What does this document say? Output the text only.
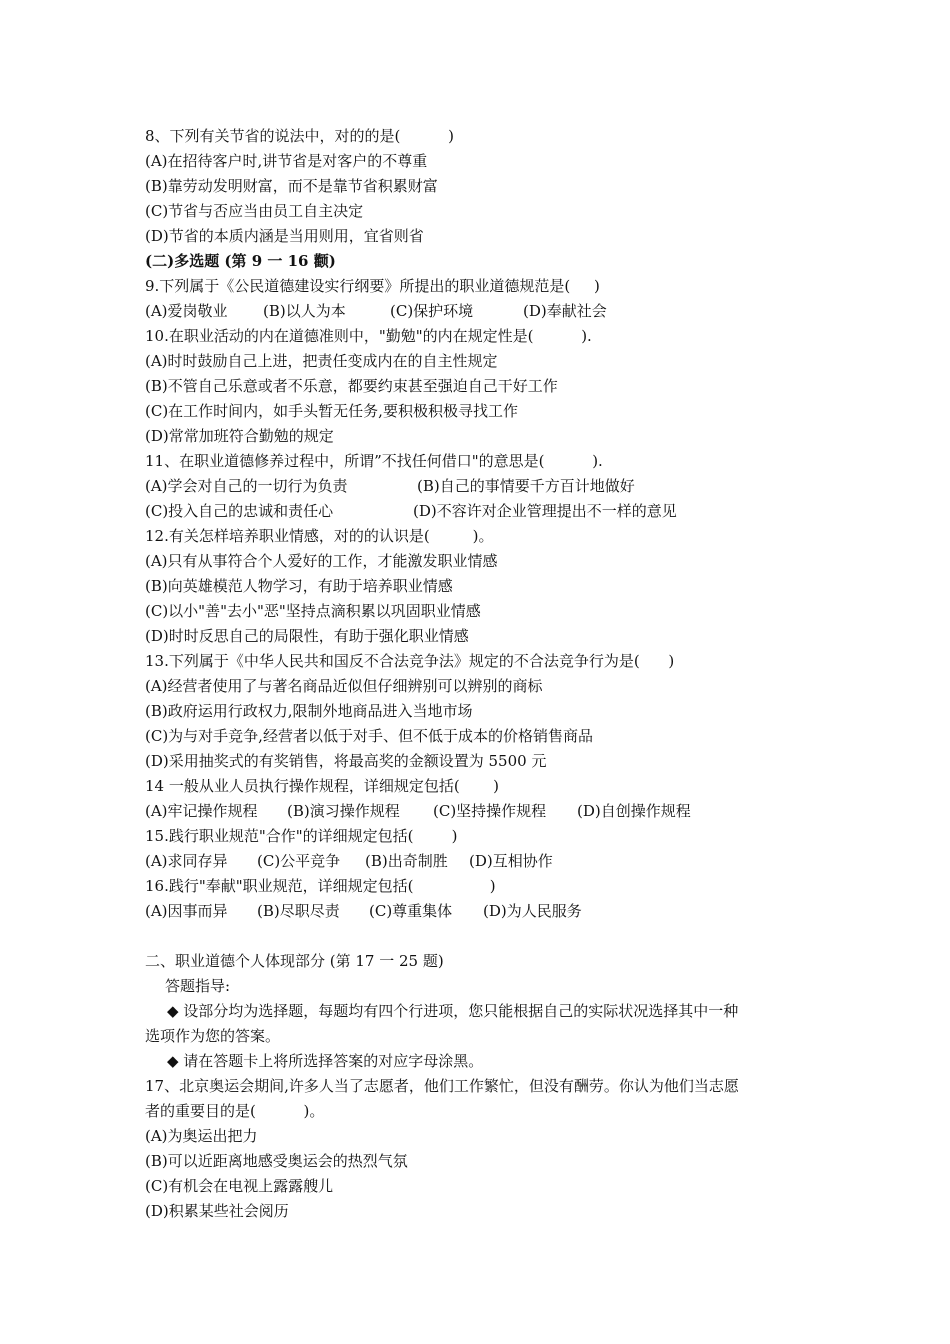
8、下列有关节省的说法中，对的的是(          )
(A)在招待客户时,讲节省是对客户的不尊重
(B)靠劳动发明财富，而不是靠节省积累财富
(C)节省与否应当由员工自主决定
(D)节省的本质内涵是当用则用，宜省则省
(二)多选题 (第 9 一 16 颧)
9.下列属于《公民道德建设实行纲要》所提出的职业道德规范是(     )
(A)爱岗敬业	(B)以人为本	(C)保护环境	(D)奉献社会
10.在职业活动的内在道德准则中，"勤勉"的内在规定性是(          ).
(A)时时鼓励自己上进，把责任变成内在的自主性规定
(B)不管自己乐意或者不乐意，都要约束甚至强迫自己干好工作
(C)在工作时间内，如手头暂无任务,要积极积极寻找工作
(D)常常加班符合勤勉的规定
11、在职业道德修养过程中，所谓”不找任何借口"的意思是(          ).
(A)学会对自己的一切行为负责	(B)自己的事情要千方百计地做好
(C)投入自己的忠诚和责任心	(D)不容许对企业管理提出不一样的意见
12.有关怎样培养职业情感，对的的认识是(         )。
(A)只有从事符合个人爱好的工作，才能激发职业情感
(B)向英雄模范人物学习，有助于培养职业情感
(C)以小"善"去小"恶"坚持点滴积累以巩固职业情感
(D)时时反思自己的局限性，有助于强化职业情感
13.下列属于《中华人民共和国反不合法竞争法》规定的不合法竞争行为是(      )
(A)经营者使用了与著名商品近似但仔细辨别可以辨别的商标
(B)政府运用行政权力,限制外地商品进入当地市场
(C)为与对手竞争,经营者以低于对手、但不低于成本的价格销售商品
(D)采用抽奖式的有奖销售，将最高奖的金额设置为 5500 元
14 一般从业人员执行操作规程，详细规定包括(       )
(A)牢记操作规程	(B)演习操作规程	(C)坚持操作规程	(D)自创操作规程
15.践行职业规范"合作"的详细规定包括(        )
(A)求同存异	(C)公平竞争	(B)出奇制胜	(D)互相协作
16.践行"奉献"职业规范，详细规定包括(                )
(A)因事而异	(B)尽职尽责	(C)尊重集体	(D)为人民服务
二、职业道德个人体现部分 (第 17 一 25 题)
答题指导:
◆ 设部分均为选择题，每题均有四个行进项，您只能根据自己的实际状况选择其中一种
选项作为您的答案。
◆ 请在答题卡上将所选择答案的对应字母涂黑。
17、北京奥运会期间,许多人当了志愿者，他们工作繁忙，但没有酬劳。你认为他们当志愿
者的重要目的是(          )。
(A)为奥运出把力
(B)可以近距离地感受奥运会的热烈气氛
(C)有机会在电视上露露艘儿
(D)积累某些社会阅历
